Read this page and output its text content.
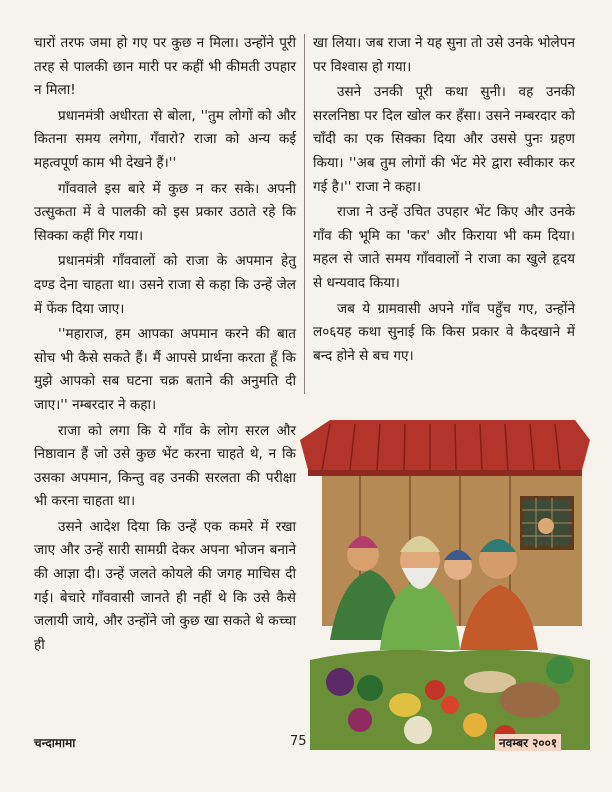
चारों तरफ जमा हो गए पर कुछ न मिला। उन्होंने पूरी तरह से पालकी छान मारी पर कहीं भी कीमती उपहार न मिला!

प्रधानमंत्री अधीरता से बोला, ''तुम लोगों को और कितना समय लगेगा, गँवारो? राजा को अन्य कई महत्वपूर्ण काम भी देखने हैं।''

गाँववाले इस बारे में कुछ न कर सके। अपनी उत्सुकता में वे पालकी को इस प्रकार उठाते रहे कि सिक्का कहीं गिर गया।

प्रधानमंत्री गाँववालों को राजा के अपमान हेतु दण्ड देना चाहता था। उसने राजा से कहा कि उन्हें जेल में फेंक दिया जाए।

''महाराज, हम आपका अपमान करने की बात सोच भी कैसे सकते हैं। मैं आपसे प्रार्थना करता हूँ कि मुझे आपको सब घटना चक्र बताने की अनुमति दी जाए।'' नम्बरदार ने कहा।

राजा को लगा कि ये गाँव के लोग सरल और निष्ठावान हैं जो उसे कुछ भेंट करना चाहते थे, न कि उसका अपमान, किन्तु वह उनकी सरलता की परीक्षा भी करना चाहता था।

उसने आदेश दिया कि उन्हें एक कमरे में रखा जाए और उन्हें सारी सामग्री देकर अपना भोजन बनाने की आज्ञा दी। उन्हें जलते कोयले की जगह माचिस दी गई। बेचारे गाँववासी जानते ही नहीं थे कि उसे कैसे जलायी जाये, और उन्होंने जो कुछ खा सकते थे कच्चा ही

खा लिया। जब राजा ने यह सुना तो उसे उनके भोलेपन पर विश्वास हो गया।

उसने उनकी पूरी कथा सुनी। वह उनकी सरलनिष्ठा पर दिल खोल कर हँसा। उसने नम्बरदार को चाँदी का एक सिक्का दिया और उससे पुनः ग्रहण किया। ''अब तुम लोगों की भेंट मेरे द्वारा स्वीकार कर गई है।'' राजा ने कहा।

राजा ने उन्हें उचित उपहार भेंट किए और उनके गाँव की भूमि का 'कर' और किराया भी कम दिया। महल से जाते समय गाँववालों ने राजा का खुले हृदय से धन्यवाद किया।

जब ये ग्रामवासी अपने गाँव पहुँच गए, उन्होंने ल०६यह कथा सुनाई कि किस प्रकार वे कैदखाने में बन्द होने से बच गए।

चन्दामामा	75	नवम्बर २००१
